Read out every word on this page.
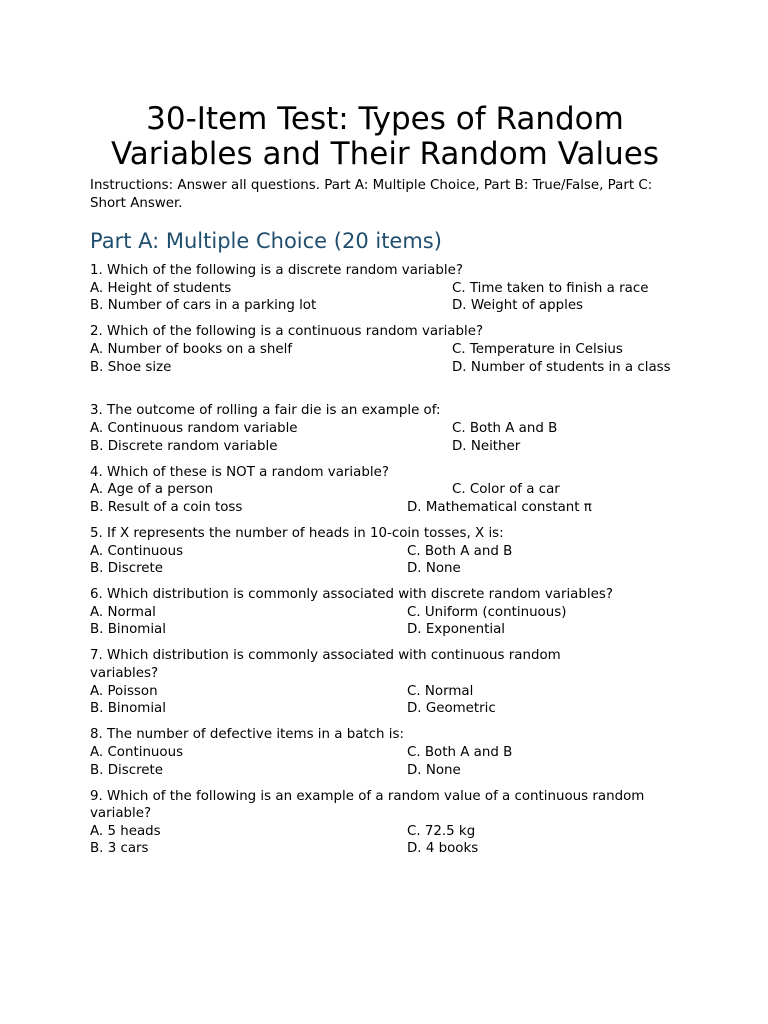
30-Item Test: Types of Random Variables and Their Random Values

Instructions: Answer all questions. Part A: Multiple Choice, Part B: True/False, Part C: Short Answer.

Part A: Multiple Choice (20 items)
1. Which of the following is a discrete random variable?
A. Height of students	C. Time taken to finish a race
B. Number of cars in a parking lot	D. Weight of apples
2. Which of the following is a continuous random variable?
A. Number of books on a shelf	C. Temperature in Celsius
B. Shoe size	D. Number of students in a class
3. The outcome of rolling a fair die is an example of:
A. Continuous random variable	C. Both A and B
B. Discrete random variable	D. Neither
4. Which of these is NOT a random variable?
A. Age of a person	C. Color of a car
B. Result of a coin toss	D. Mathematical constant π
5. If X represents the number of heads in 10-coin tosses, X is:
A. Continuous	C. Both A and B
B. Discrete	D. None
6. Which distribution is commonly associated with discrete random variables?
A. Normal	C. Uniform (continuous)
B. Binomial	D. Exponential
7. Which distribution is commonly associated with continuous random variables?
A. Poisson	C. Normal
B. Binomial	D. Geometric
8. The number of defective items in a batch is:
A. Continuous	C. Both A and B
B. Discrete	D. None
9. Which of the following is an example of a random value of a continuous random variable?
A. 5 heads	C. 72.5 kg
B. 3 cars	D. 4 books
